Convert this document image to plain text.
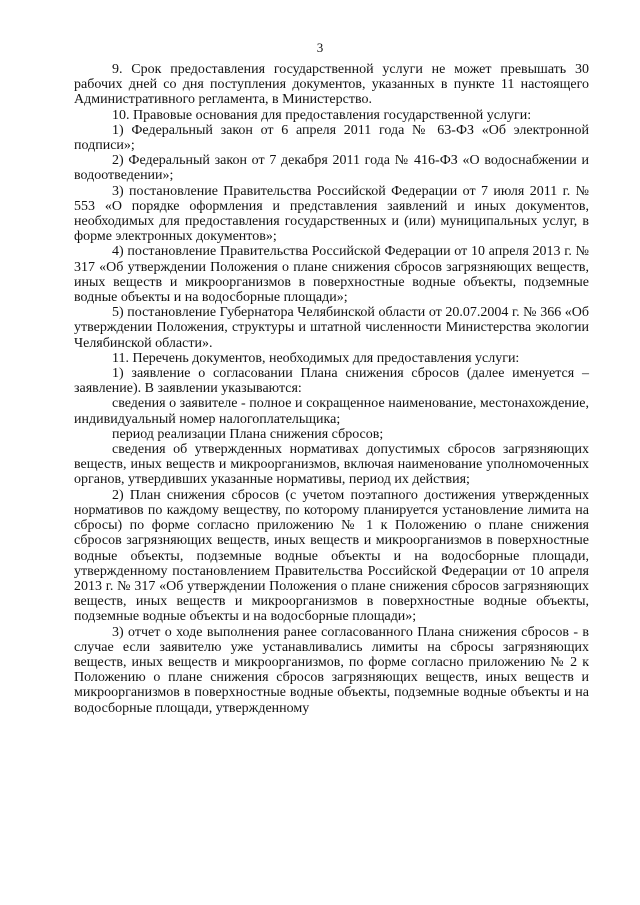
3

9. Срок предоставления государственной услуги не может превышать 30 рабочих дней со дня поступления документов, указанных в пункте 11 настоящего Административного регламента, в Министерство.

10. Правовые основания для предоставления государственной услуги:

1) Федеральный закон от 6 апреля 2011 года № 63-ФЗ «Об электронной подписи»;

2) Федеральный закон от 7 декабря 2011 года № 416-ФЗ «О водоснабжении и водоотведении»;

3) постановление Правительства Российской Федерации от 7 июля 2011 г. № 553 «О порядке оформления и представления заявлений и иных документов, необходимых для предоставления государственных и (или) муниципальных услуг, в форме электронных документов»;

4) постановление Правительства Российской Федерации от 10 апреля 2013 г. № 317 «Об утверждении Положения о плане снижения сбросов загрязняющих веществ, иных веществ и микроорганизмов в поверхностные водные объекты, подземные водные объекты и на водосборные площади»;

5) постановление Губернатора Челябинской области от 20.07.2004 г. № 366 «Об утверждении Положения, структуры и штатной численности Министерства экологии Челябинской области».

11. Перечень документов, необходимых для предоставления услуги:

1) заявление о согласовании Плана снижения сбросов (далее именуется – заявление). В заявлении указываются:

сведения о заявителе - полное и сокращенное наименование, местонахождение, индивидуальный номер налогоплательщика;

период реализации Плана снижения сбросов;

сведения об утвержденных нормативах допустимых сбросов загрязняющих веществ, иных веществ и микроорганизмов, включая наименование уполномоченных органов, утвердивших указанные нормативы, период их действия;

2) План снижения сбросов (с учетом поэтапного достижения утвержденных нормативов по каждому веществу, по которому планируется установление лимита на сбросы) по форме согласно приложению № 1 к Положению о плане снижения сбросов загрязняющих веществ, иных веществ и микроорганизмов в поверхностные водные объекты, подземные водные объекты и на водосборные площади, утвержденному постановлением Правительства Российской Федерации от 10 апреля 2013 г. № 317 «Об утверждении Положения о плане снижения сбросов загрязняющих веществ, иных веществ и микроорганизмов в поверхностные водные объекты, подземные водные объекты и на водосборные площади»;

3) отчет о ходе выполнения ранее согласованного Плана снижения сбросов - в случае если заявителю уже устанавливались лимиты на сбросы загрязняющих веществ, иных веществ и микроорганизмов, по форме согласно приложению № 2 к Положению о плане снижения сбросов загрязняющих веществ, иных веществ и микроорганизмов в поверхностные водные объекты, подземные водные объекты и на водосборные площади, утвержденному
